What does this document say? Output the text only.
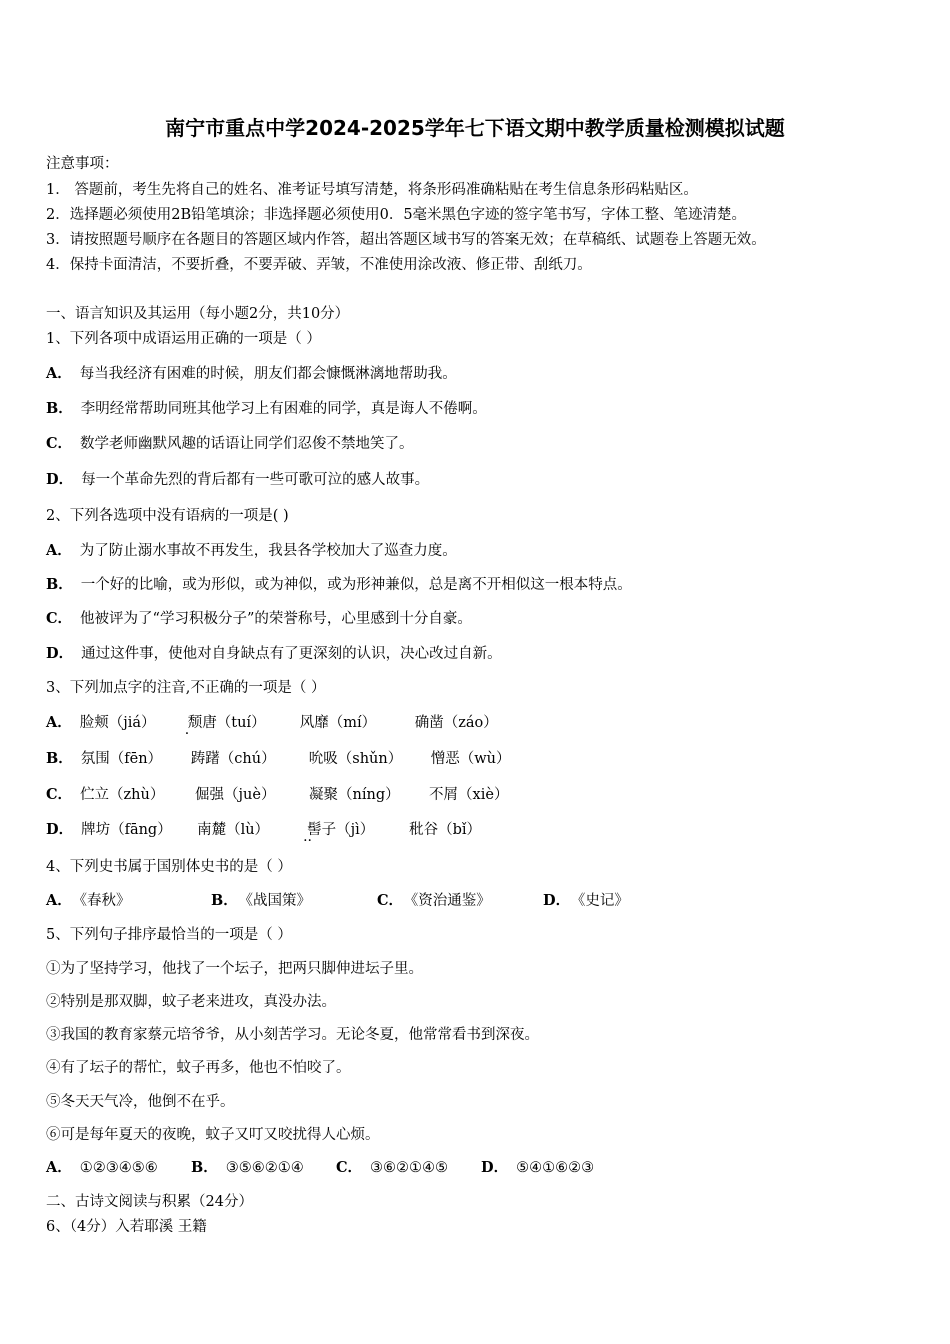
南宁市重点中学2024-2025学年七下语文期中教学质量检测模拟试题
注意事项：
1． 答题前，考生先将自己的姓名、准考证号填写清楚，将条形码准确粘贴在考生信息条形码粘贴区。
2．选择题必须使用2B铅笔填涂；非选择题必须使用0．5毫米黑色字迹的签字笔书写，字体工整、笔迹清楚。
3．请按照题号顺序在各题目的答题区域内作答，超出答题区域书写的答案无效；在草稿纸、试题卷上答题无效。
4．保持卡面清洁，不要折叠，不要弄破、弄皱，不准使用涂改液、修正带、刮纸刀。
一、语言知识及其运用（每小题2分，共10分）
1、下列各项中成语运用正确的一项是（ ）
A． 每当我经济有困难的时候，朋友们都会慷慨淋漓地帮助我。
B． 李明经常帮助同班其他学习上有困难的同学，真是诲人不倦啊。
C． 数学老师幽默风趣的话语让同学们忍俊不禁地笑了。
D． 每一个革命先烈的背后都有一些可歌可泣的感人故事。
2、下列各选项中没有语病的一项是( )
A． 为了防止溺水事故不再发生，我县各学校加大了巡查力度。
B． 一个好的比喻，或为形似，或为神似，或为形神兼似，总是离不开相似这一根本特点。
C． 他被评为了“学习积极分子”的荣誉称号，心里感到十分自豪。
D． 通过这件事，使他对自身缺点有了更深刻的认识，决心改过自新。
3、下列加点字的注音,不正确的一项是（ ）
A． 脸颊（jiá） 颓唐（tuí） · 风靡（mí）	确凿（záo）
B． 氛围（fēn） 踌躇（chú） 吮吸（shǔn） 憎恶（wù）
C． 伫立（zhù） 倔强（juè） 凝聚（níng） 不屑（xiè）
D． 牌坊（fāng） 南麓（lù）	髻子（jì） ·· 秕谷（bǐ）
4、下列史书属于国别体史书的是（ ）
A． 《春秋》	B． 《战国策》	C． 《资治通鉴》	D． 《史记》
5、下列句子排序最恰当的一项是（ ）
①为了坚持学习，他找了一个坛子，把两只脚伸进坛子里。
②特别是那双脚，蚊子老来进攻，真没办法。
③我国的教育家蔡元培爷爷，从小刻苦学习。无论冬夏，他常常看书到深夜。
④有了坛子的帮忙，蚊子再多，他也不怕咬了。
⑤冬天天气冷，他倒不在乎。
⑥可是每年夏天的夜晚，蚊子又叮又咬扰得人心烦。
A． ①②③④⑤⑥ B． ③⑤⑥②①④ C． ③⑥②①④⑤ D． ⑤④①⑥②③
二、古诗文阅读与积累（24分）
6、（4分）入若耶溪 王籍
